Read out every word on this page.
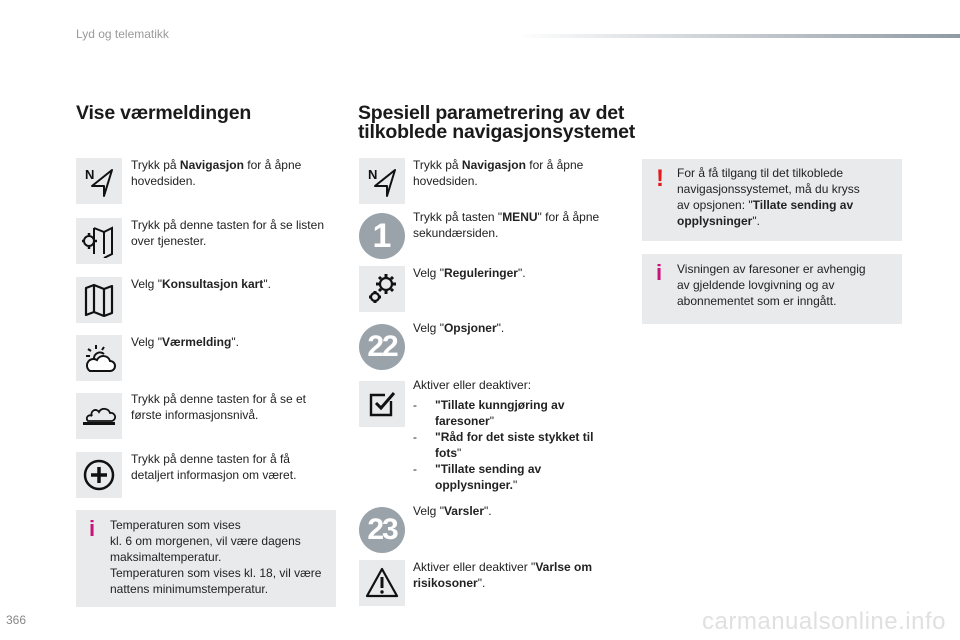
Lyd og telematikk
Vise værmeldingen
N
Trykk på Navigasjon for å åpne hovedsiden.
Trykk på denne tasten for å se listen over tjenester.
Velg "Konsultasjon kart".
Velg "Værmelding".
Trykk på denne tasten for å se et første informasjonsnivå.
Trykk på denne tasten for å få detaljert informasjon om været.
i Temperaturen som vises
kl. 6 om morgenen, vil være dagens
maksimaltemperatur.
Temperaturen som vises kl. 18, vil være
nattens minimumstemperatur.
Spesiell parametrering av det
tilkoblede navigasjonsystemet
N
Trykk på Navigasjon for å åpne hovedsiden.
1	Trykk på tasten "MENU" for å åpne sekundærsiden.
Velg "Reguleringer".
22
Velg "Opsjoner".
Aktiver eller deaktiver:
- "Tillate kunngjøring av
faresoner"
- "Råd for det siste stykket til
fots"
- "Tillate sending av
opplysninger."
23
Velg "Varsler".
Aktiver eller deaktiver "Varlse om
risikosoner".
! For å få tilgang til det tilkoblede
navigasjonssystemet, må du kryss
av opsjonen: "Tillate sending av
opplysninger".
i Visningen av faresoner er avhengig
av gjeldende lovgivning og av
abonnementet som er inngått.
366	carmanualsonline.info
